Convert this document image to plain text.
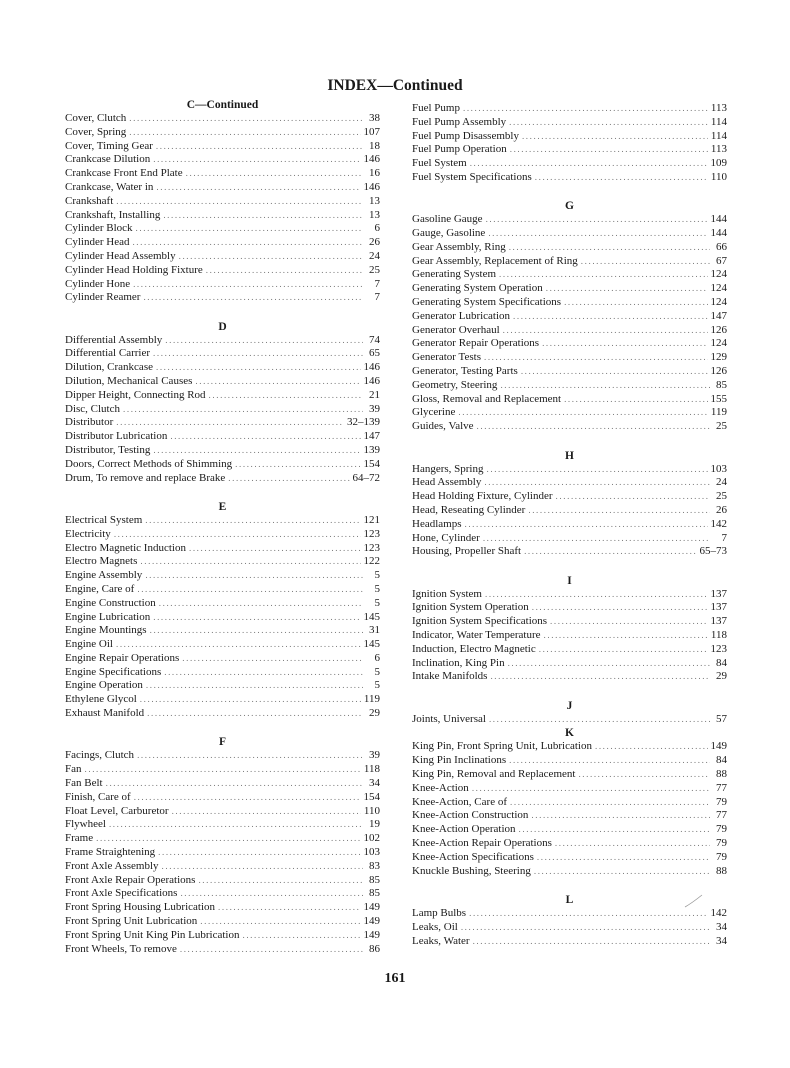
INDEX—Continued
C—Continued
Cover, Clutch .....	38
Cover, Spring .....	107
Cover, Timing Gear .....	18
Crankcase Dilution .....	146
Crankcase Front End Plate .....	16
Crankcase, Water in .....	146
Crankshaft .....	13
Crankshaft, Installing .....	13
Cylinder Block .....	6
Cylinder Head .....	26
Cylinder Head Assembly .....	24
Cylinder Head Holding Fixture .....	25
Cylinder Hone .....	7
Cylinder Reamer .....	7
D
Differential Assembly .....	74
Differential Carrier .....	65
Dilution, Crankcase .....	146
Dilution, Mechanical Causes .....	146
Dipper Height, Connecting Rod .....	21
Disc, Clutch .....	39
Distributor .....	32–139
Distributor Lubrication .....	147
Distributor, Testing .....	139
Doors, Correct Methods of Shimming .....	154
Drum, To remove and replace Brake .....	64–72
E
Electrical System .....	121
Electricity .....	123
Electro Magnetic Induction .....	123
Electro Magnets .....	122
Engine Assembly .....	5
Engine, Care of .....	5
Engine Construction .....	5
Engine Lubrication .....	145
Engine Mountings .....	31
Engine Oil .....	145
Engine Repair Operations .....	6
Engine Specifications .....	5
Engine Operation .....	5
Ethylene Glycol .....	119
Exhaust Manifold .....	29
F
Facings, Clutch .....	39
Fan .....	118
Fan Belt .....	34
Finish, Care of .....	154
Float Level, Carburetor .....	110
Flywheel .....	19
Frame .....	102
Frame Straightening .....	103
Front Axle Assembly .....	83
Front Axle Repair Operations .....	85
Front Axle Specifications .....	85
Front Spring Housing Lubrication .....	149
Front Spring Unit Lubrication .....	149
Front Spring Unit King Pin Lubrication .....	149
Front Wheels, To remove .....	86
Fuel Pump .....	113
Fuel Pump Assembly .....	114
Fuel Pump Disassembly .....	114
Fuel Pump Operation .....	113
Fuel System .....	109
Fuel System Specifications .....	110
G
Gasoline Gauge .....	144
Gauge, Gasoline .....	144
Gear Assembly, Ring .....	66
Gear Assembly, Replacement of Ring .....	67
Generating System .....	124
Generating System Operation .....	124
Generating System Specifications .....	124
Generator Lubrication .....	147
Generator Overhaul .....	126
Generator Repair Operations .....	124
Generator Tests .....	129
Generator, Testing Parts .....	126
Geometry, Steering .....	85
Gloss, Removal and Replacement .....	155
Glycerine .....	119
Guides, Valve .....	25
H
Hangers, Spring .....	103
Head Assembly .....	24
Head Holding Fixture, Cylinder .....	25
Head, Reseating Cylinder .....	26
Headlamps .....	142
Hone, Cylinder .....	7
Housing, Propeller Shaft .....	65–73
I
Ignition System .....	137
Ignition System Operation .....	137
Ignition System Specifications .....	137
Indicator, Water Temperature .....	118
Induction, Electro Magnetic .....	123
Inclination, King Pin .....	84
Intake Manifolds .....	29
J
Joints, Universal .....	57
K
King Pin, Front Spring Unit, Lubrication .....	149
King Pin Inclinations .....	84
King Pin, Removal and Replacement .....	88
Knee-Action .....	77
Knee-Action, Care of .....	79
Knee-Action Construction .....	77
Knee-Action Operation .....	79
Knee-Action Repair Operations .....	79
Knee-Action Specifications .....	79
Knuckle Bushing, Steering .....	88
L
Lamp Bulbs .....	142
Leaks, Oil .....	34
Leaks, Water .....	34
161
